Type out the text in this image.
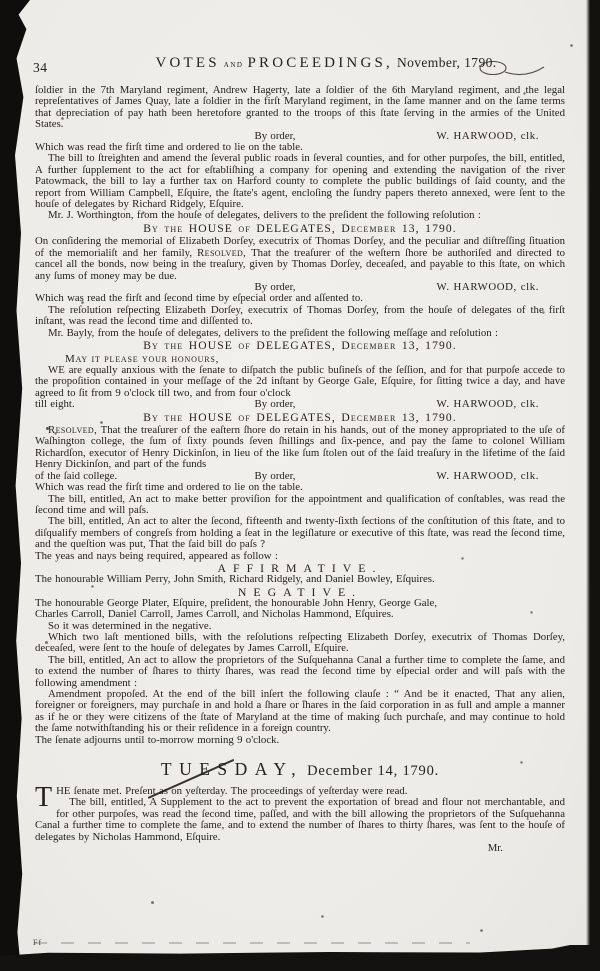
Ff
34	VOTES and PROCEEDINGS, November, 1790.

ſoldier in the 7th Maryland regiment, Andrew Hagerty, late a ſoldier of the 6th Maryland regiment, and the legal repreſentatives of James Quay, late a ſoldier in the firſt Maryland regiment, in the ſame manner and on the ſame terms that depreciation of pay hath been heretofore granted to the troops of this ſtate ſerving in the armies of the United States.

By order,	W. HARWOOD, clk.

Which was read the firſt time and ordered to lie on the table.

The bill to ſtreighten and amend the ſeveral public roads in ſeveral counties, and for other purpoſes, the bill, entitled, A further ſupplement to the act for eſtabliſhing a company for opening and extending the navigation of the river Patowmack, the bill to lay a further tax on Harford county to complete the public buildings of ſaid county, and the report from William Campbell, Eſquire, the ſtate's agent, encloſing the ſundry papers thereto annexed, were ſent to the houſe of delegates by Richard Ridgely, Eſquire.

Mr. J. Worthington, from the houſe of delegates, delivers to the preſident the following reſolution :

By the HOUSE of DELEGATES, December 13, 1790.

On conſidering the memorial of Elizabeth Dorſey, executrix of Thomas Dorſey, and the peculiar and diſtreſſing ſituation of the memorialiſt and her family, Resolved, That the treaſurer of the weſtern ſhore be authoriſed and directed to cancel all the bonds, now being in the treaſury, given by Thomas Dorſey, deceaſed, and payable to this ſtate, on which any ſums of money may be due.

By order,	W. HARWOOD, clk.

Which was read the firſt and ſecond time by eſpecial order and aſſented to.

The reſolution reſpecting Elizabeth Dorſey, executrix of Thomas Dorſey, from the houſe of delegates of the firſt inſtant, was read the ſecond time and diſſented to.

Mr. Bayly, from the houſe of delegates, delivers to the preſident the following meſſage and reſolution :

By the HOUSE of DELEGATES, December 13, 1790.
May it please your honours,

WE are equally anxious with the ſenate to diſpatch the public buſineſs of the ſeſſion, and for that purpoſe accede to the propoſition contained in your meſſage of the 2d inſtant by George Gale, Eſquire, for ſitting twice a day, and have agreed to ſit from 9 o'clock till two, and from four o'clock

till eight.	By order,	W. HARWOOD, clk.
By the HOUSE of DELEGATES, December 13, 1790.

Resolved, That the treaſurer of the eaſtern ſhore do retain in his hands, out of the money appropriated to the uſe of Waſhington college, the ſum of ſixty pounds ſeven ſhillings and ſix-pence, and pay the ſame to colonel William Richardſon, executor of Henry Dickinſon, in lieu of the like ſum ſtolen out of the ſaid treaſury in the lifetime of the ſaid Henry Dickinſon, and part of the funds

of the ſaid college.	By order,	W. HARWOOD, clk.

Which was read the firſt time and ordered to lie on the table.

The bill, entitled, An act to make better proviſion for the appointment and qualification of conſtables, was read the ſecond time and will paſs.

The bill, entitled, An act to alter the ſecond, fifteenth and twenty-ſixth ſections of the conſtitution of this ſtate, and to diſqualify members of congreſs from holding a ſeat in the legiſlature or executive of this ſtate, was read the ſecond time, and the queſtion was put, That the ſaid bill do paſs ?

The yeas and nays being required, appeared as follow :

AFFIRMATIVE.

The honourable William Perry, John Smith, Richard Ridgely, and Daniel Bowley, Eſquires.

NEGATIVE.

The honourable George Plater, Eſquire, preſident, the honourable John Henry, George Gale,

Charles Carroll, Daniel Carroll, James Carroll, and Nicholas Hammond, Eſquires.

So it was determined in the negative.

Which two laſt mentioned bills, with the reſolutions reſpecting Elizabeth Dorſey, executrix of Thomas Dorſey, deceaſed, were ſent to the houſe of delegates by James Carroll, Eſquire.

The bill, entitled, An act to allow the proprietors of the Suſquehanna Canal a further time to complete the ſame, and to extend the number of ſhares to thirty ſhares, was read the ſecond time by eſpecial order and will paſs with the following amendment :

Amendment propoſed. At the end of the bill inſert the following clauſe : “ And be it enacted, That any alien, foreigner or foreigners, may purchaſe in and hold a ſhare or ſhares in the ſaid corporation in as full and ample a manner as if he or they were citizens of the ſtate of Maryland at the time of making ſuch purchaſe, and may continue to hold the ſame notwithſtanding his or their reſidence in a foreign country.

The ſenate adjourns until to-morrow morning 9 o'clock.

TUESDAY, December 14, 1790.
T HE ſenate met. Preſent as on yeſterday. The proceedings of yeſterday were read.

The bill, entitled, A Supplement to the act to prevent the exportation of bread and flour not merchantable, and for other purpoſes, was read the ſecond time, paſſed, and with the bill allowing the proprietors of the Suſquehanna Canal a further time to complete the ſame, and to extend the number of ſhares to thirty ſhares, was ſent to the houſe of delegates by Nicholas Hammond, Eſquire.

Mr.
